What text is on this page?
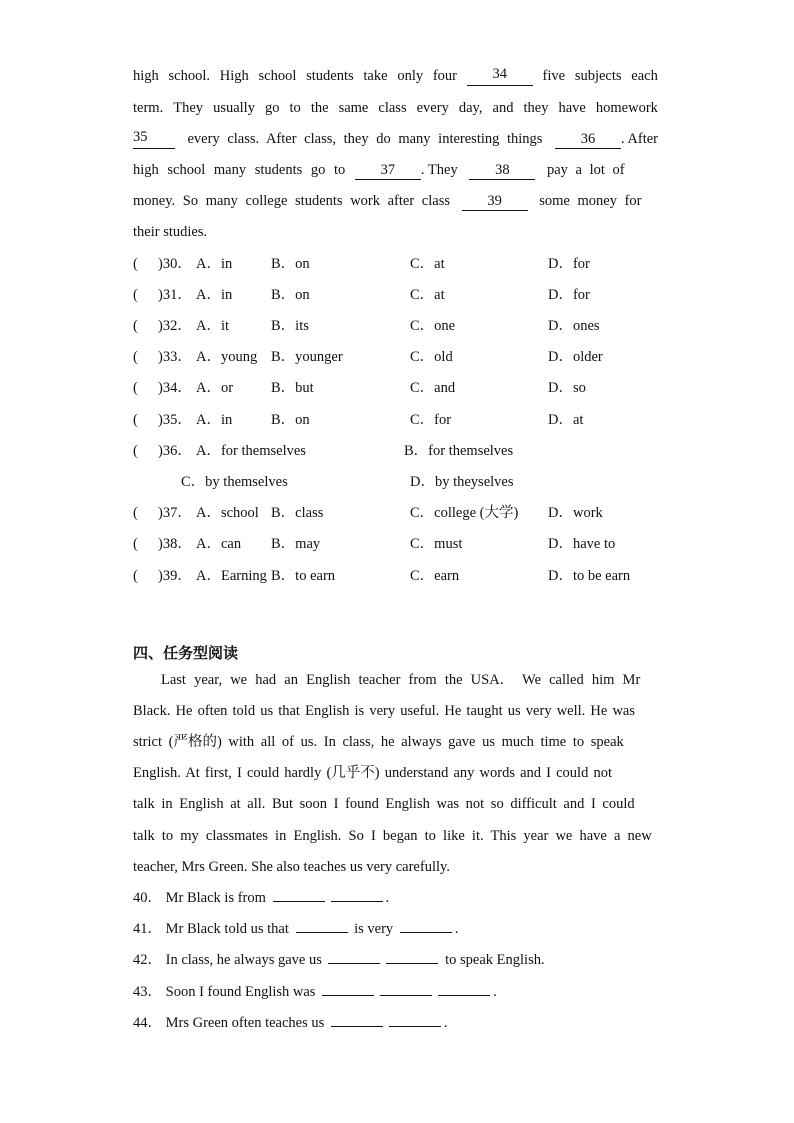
high school. High school students take only four	34	five subjects each
term. They usually go to the same class every day, and they have homework
35	every class. After class, they do many interesting things	36 . After
high school many students go to 37 . They	38	pay a lot of
money. So many college students work after class	39	some money for
their studies.
( )30． A．in	B．on	C．at	D．for
( )31． A．in	B．on	C．at	D．for
( )32． A．it	B．its	C．one	D．ones
( )33． A．young B．younger	C．old	D．older
( )34． A．or	B．but	C．and	D．so
( )35． A．in	B．on	C．for	D．at
( )36． A．for themselves	B．for themselves
C．by themselves	D．by theyselves
( )37． A．school B．class	C．college (大学) D．work
( )38． A．can B．may	C．must	D．have to
( )39． A．Earning B．to earn	C．earn	D．to be earn
四、任务型阅读
Last year, we had an English teacher from the USA． We called him Mr
Black. He often told us that English is very useful. He taught us very well. He was
strict (严格的) with all of us. In class, he always gave us much time to speak
English. At first, I could hardly (几乎不) understand any words and I could not
talk in English at all. But soon I found English was not so difficult and I could
talk to my classmates in English. So I began to like it. This year we have a new
teacher, Mrs Green. She also teaches us very carefully.
40． Mr Black is from	.
41． Mr Black told us that	is very	.
42． In class, he always gave us	to speak English.
43． Soon I found English was	.
44． Mrs Green often teaches us	.
